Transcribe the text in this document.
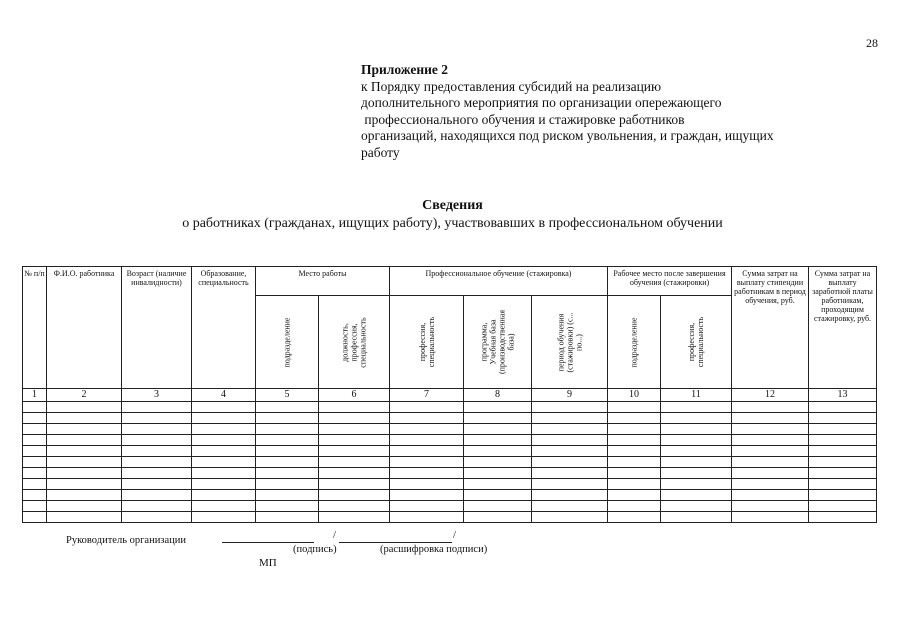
28
Приложение 2
к Порядку предоставления субсидий на реализацию
дополнительного мероприятия по организации опережающего
профессионального обучения и стажировке работников
организаций, находящихся под риском увольнения, и граждан, ищущих
работу
Сведения
о работниках (гражданах, ищущих работу), участвовавших в профессиональном обучении
№ п/п	Ф.И.О. работника	Возраст (наличие инвалидности)	Образование, специальность	Место работы		Профессиональное обучение (стажировка)			Рабочее место после завершения обучения (стажировки)		Сумма затрат на выплату стипендии работникам в период обучения, руб.	Сумма затрат на выплату заработной платы работникам, проходящим стажировку, руб.

				подразделение	должность, профессия, специальность	профессия, специальность	программа, Учебная база (производственная база)	период обучения (стажировки) (с... по...)	подразделение	профессия, специальность		

1	2	3	4	5	6	7	8	9	10	11	12	13

Руководитель организации	/	/
(подпись)	(расшифровка подписи)
МП
